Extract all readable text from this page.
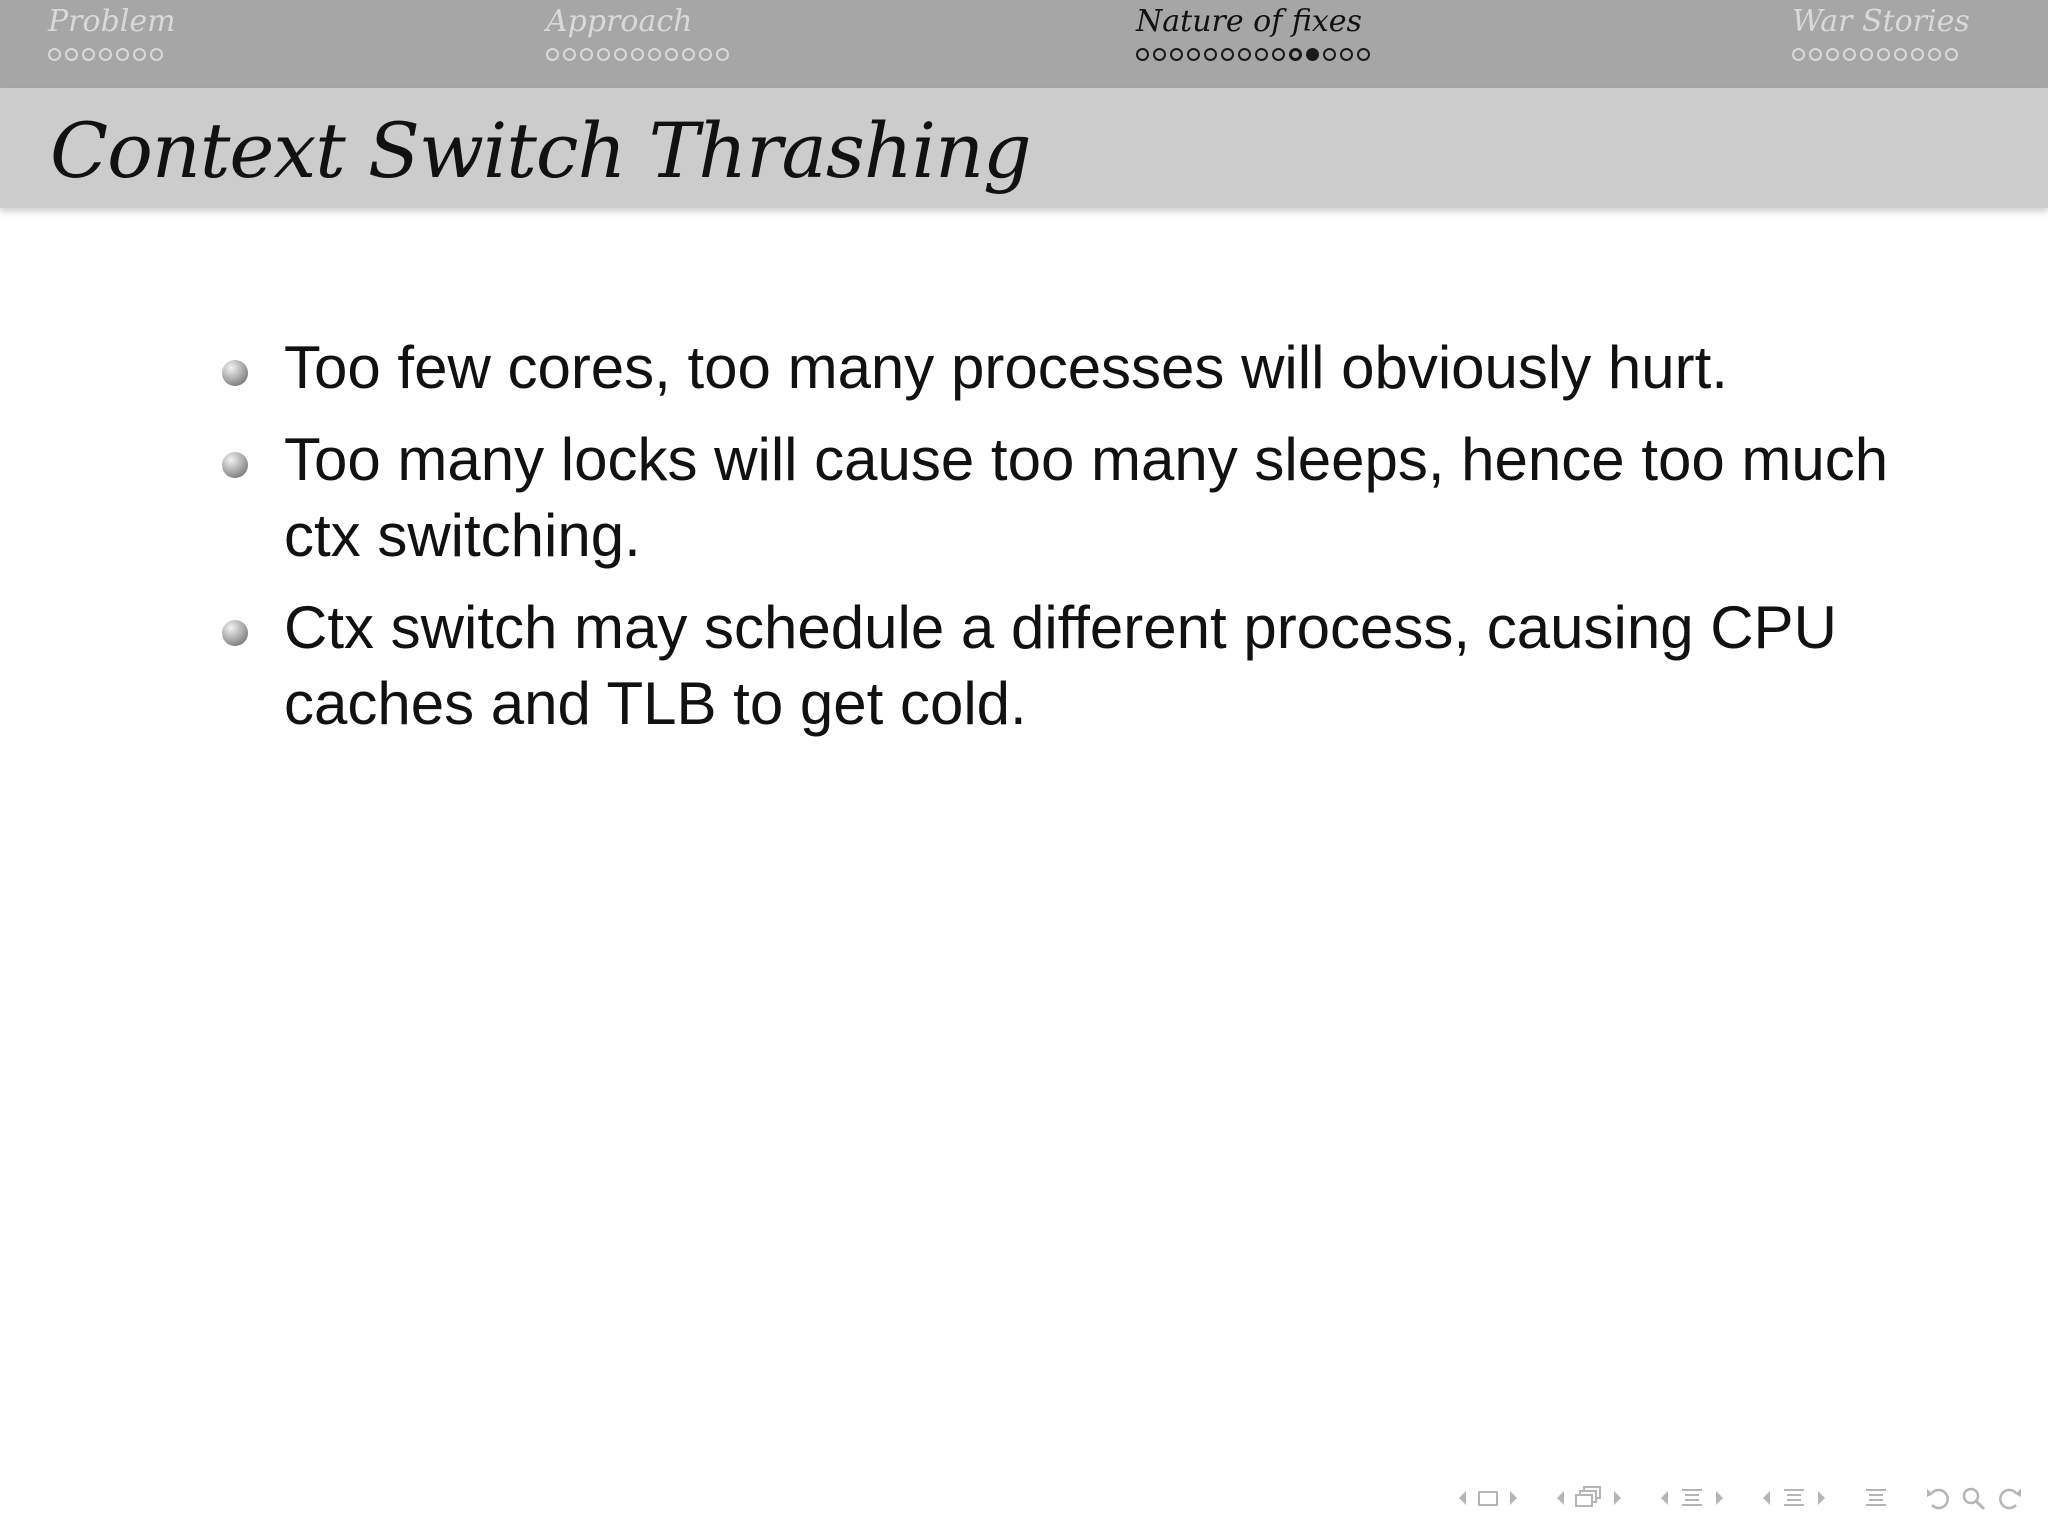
Problem	Approach	Nature of fixes	War Stories
Context Switch Thrashing
Too few cores, too many processes will obviously hurt.
Too many locks will cause too many sleeps, hence too much ctx switching.
Ctx switch may schedule a different process, causing CPU caches and TLB to get cold.
